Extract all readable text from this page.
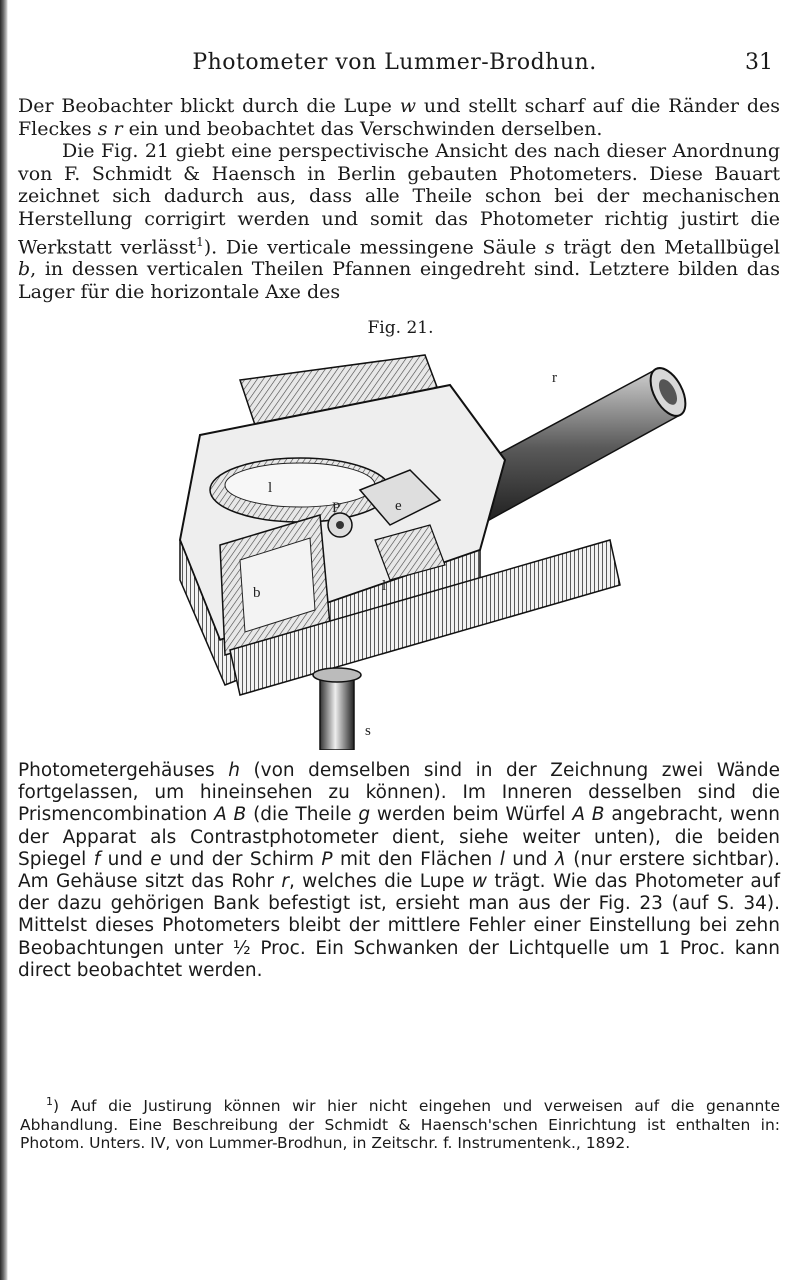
Photometer von Lummer-Brodhun.	31

Der Beobachter blickt durch die Lupe w und stellt scharf auf die Ränder des Fleckes s r ein und beobachtet das Verschwinden derselben.
Die Fig. 21 giebt eine perspectivische Ansicht des nach dieser Anordnung von F. Schmidt & Haensch in Berlin gebauten Photometers. Diese Bauart zeichnet sich dadurch aus, dass alle Theile schon bei der mechanischen Herstellung corrigirt werden und somit das Photometer richtig justirt die Werkstatt verlässt$^1$). Die verticale messingene Säule s trägt den Metallbügel b, in dessen verticalen Theilen Pfannen eingedreht sind. Letztere bilden das Lager für die horizontale Axe des

Fig. 21.
r
l
P	e
b	l
s

Photometergehäuses h (von demselben sind in der Zeichnung zwei Wände fortgelassen, um hineinsehen zu können). Im Inneren desselben sind die Prismencombination A B (die Theile g werden beim Würfel A B angebracht, wenn der Apparat als Contrastphotometer dient, siehe weiter unten), die beiden Spiegel f und e und der Schirm P mit den Flächen l und λ (nur erstere sichtbar). Am Gehäuse sitzt das Rohr r, welches die Lupe w trägt. Wie das Photometer auf der dazu gehörigen Bank befestigt ist, ersieht man aus der Fig. 23 (auf S. 34). Mittelst dieses Photometers bleibt der mittlere Fehler einer Einstellung bei zehn Beobachtungen unter ½ Proc. Ein Schwanken der Lichtquelle um 1 Proc. kann direct beobachtet werden.

$^1$) Auf die Justirung können wir hier nicht eingehen und verweisen auf die genannte Abhandlung. Eine Beschreibung der Schmidt & Haensch'schen Einrichtung ist enthalten in: Photom. Unters. IV, von Lummer-Brodhun, in Zeitschr. f. Instrumentenk., 1892.
